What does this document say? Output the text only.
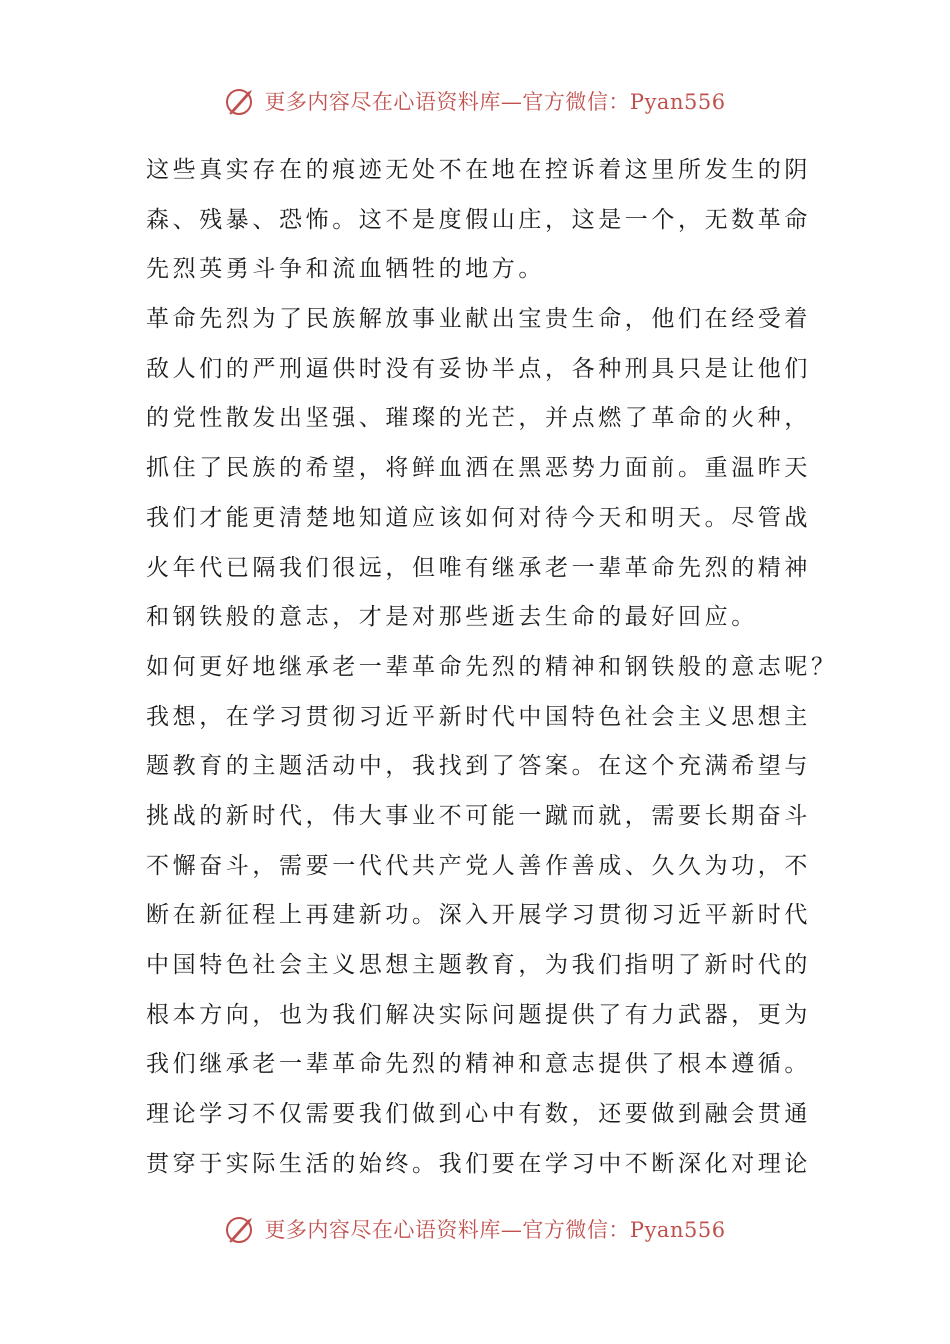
更多内容尽在心语资料库—官方微信：Pyan556
这些真实存在的痕迹无处不在地在控诉着这里所发生的阴
森、残暴、恐怖。这不是度假山庄，这是一个，无数革命
先烈英勇斗争和流血牺牲的地方。
革命先烈为了民族解放事业献出宝贵生命，他们在经受着
敌人们的严刑逼供时没有妥协半点，各种刑具只是让他们
的党性散发出坚强、璀璨的光芒，并点燃了革命的火种，
抓住了民族的希望，将鲜血洒在黑恶势力面前。重温昨天
我们才能更清楚地知道应该如何对待今天和明天。尽管战
火年代已隔我们很远，但唯有继承老一辈革命先烈的精神
和钢铁般的意志，才是对那些逝去生命的最好回应。
如何更好地继承老一辈革命先烈的精神和钢铁般的意志呢？
我想，在学习贯彻习近平新时代中国特色社会主义思想主
题教育的主题活动中，我找到了答案。在这个充满希望与
挑战的新时代，伟大事业不可能一蹴而就，需要长期奋斗
不懈奋斗，需要一代代共产党人善作善成、久久为功，不
断在新征程上再建新功。深入开展学习贯彻习近平新时代
中国特色社会主义思想主题教育，为我们指明了新时代的
根本方向，也为我们解决实际问题提供了有力武器，更为
我们继承老一辈革命先烈的精神和意志提供了根本遵循。
理论学习不仅需要我们做到心中有数，还要做到融会贯通
贯穿于实际生活的始终。我们要在学习中不断深化对理论
更多内容尽在心语资料库—官方微信：Pyan556
